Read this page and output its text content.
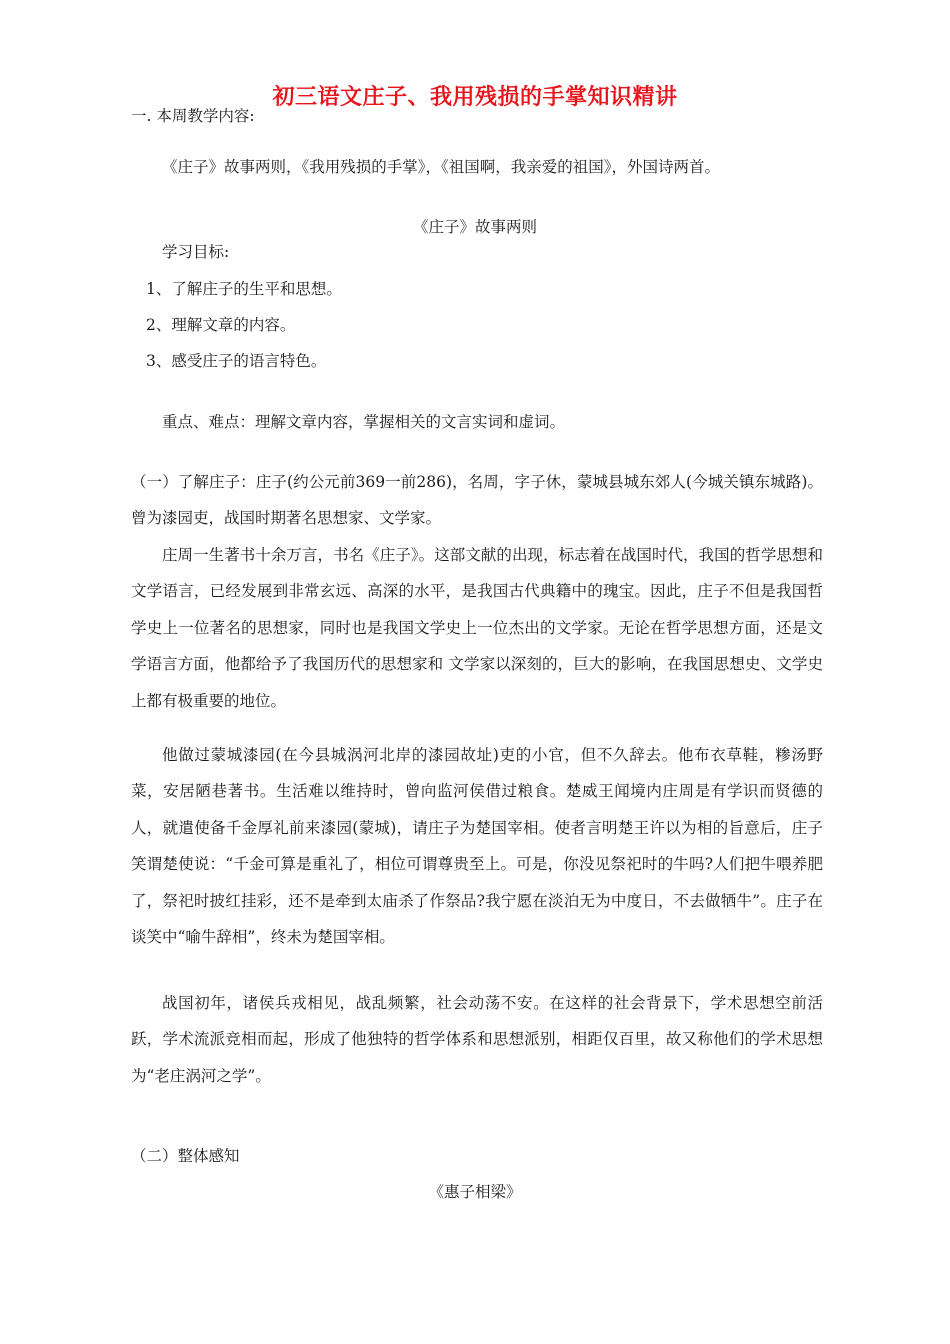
初三语文庄子、我用残损的手掌知识精讲
一. 本周教学内容:
《庄子》故事两则，《我用残损的手掌》，《祖国啊，我亲爱的祖国》，外国诗两首。
《庄子》故事两则
学习目标:
1、了解庄子的生平和思想。
2、理解文章的内容。
3、感受庄子的语言特色。
重点、难点：理解文章内容，掌握相关的文言实词和虚词。

（一）了解庄子：庄子(约公元前369一前286)，名周，字子休，蒙城县城东郊人(今城关镇东城路)。曾为漆园吏，战国时期著名思想家、文学家。

庄周一生著书十余万言，书名《庄子》。这部文献的出现，标志着在战国时代，我国的哲学思想和文学语言，已经发展到非常玄远、高深的水平，是我国古代典籍中的瑰宝。因此，庄子不但是我国哲学史上一位著名的思想家，同时也是我国文学史上一位杰出的文学家。无论在哲学思想方面，还是文学语言方面，他都给予了我国历代的思想家和 文学家以深刻的，巨大的影响，在我国思想史、文学史上都有极重要的地位。

他做过蒙城漆园(在今县城涡河北岸的漆园故址)吏的小官，但不久辞去。他布衣草鞋，糁汤野菜，安居陋巷著书。生活难以维持时，曾向监河侯借过粮食。楚威王闻境内庄周是有学识而贤德的人，就遣使备千金厚礼前来漆园(蒙城)，请庄子为楚国宰相。使者言明楚王许以为相的旨意后，庄子笑谓楚使说：“千金可算是重礼了，相位可谓尊贵至上。可是，你没见祭祀时的牛吗?人们把牛喂养肥了，祭祀时披红挂彩，还不是牵到太庙杀了作祭品?我宁愿在淡泊无为中度日，不去做牺牛”。庄子在谈笑中“喻牛辞相”，终未为楚国宰相。

战国初年，诸侯兵戎相见，战乱频繁，社会动荡不安。在这样的社会背景下，学术思想空前活跃，学术流派竞相而起，形成了他独特的哲学体系和思想派别，相距仅百里，故又称他们的学术思想为“老庄涡河之学”。

（二）整体感知
《惠子相梁》
